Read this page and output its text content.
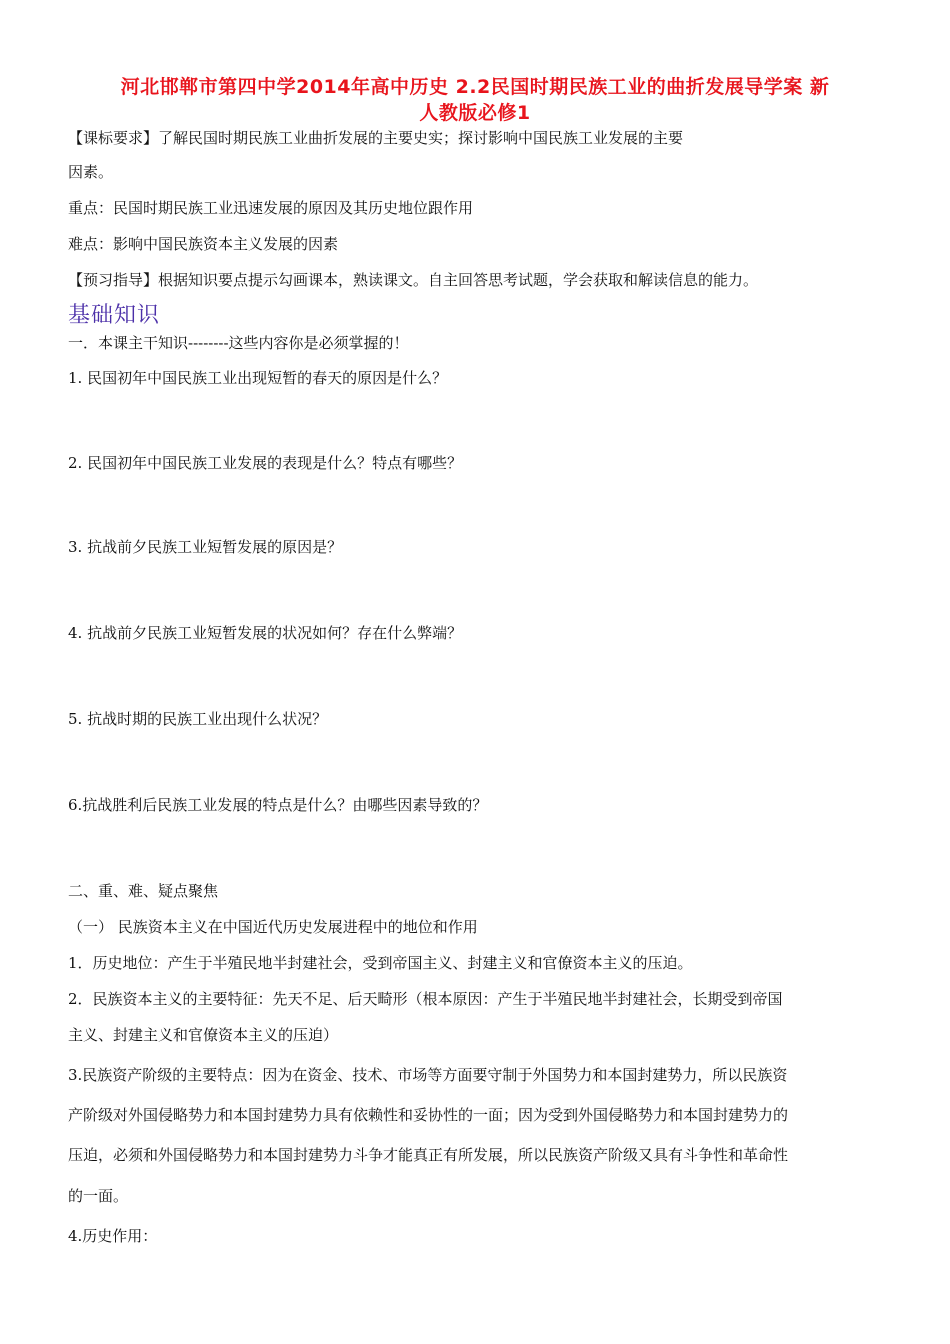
河北邯郸市第四中学2014年高中历史 2.2民国时期民族工业的曲折发展导学案 新
人教版必修1
【课标要求】了解民国时期民族工业曲折发展的主要史实；探讨影响中国民族工业发展的主要
因素。
重点：民国时期民族工业迅速发展的原因及其历史地位跟作用
难点：影响中国民族资本主义发展的因素
【预习指导】根据知识要点提示勾画课本，熟读课文。自主回答思考试题，学会获取和解读信息的能力。
基础知识
一．本课主干知识--------这些内容你是必须掌握的！
1. 民国初年中国民族工业出现短暂的春天的原因是什么？
2. 民国初年中国民族工业发展的表现是什么？特点有哪些？
3. 抗战前夕民族工业短暂发展的原因是？
4. 抗战前夕民族工业短暂发展的状况如何？存在什么弊端？
5. 抗战时期的民族工业出现什么状况？
6.抗战胜利后民族工业发展的特点是什么？由哪些因素导致的？
二、重、难、疑点聚焦
（一） 民族资本主义在中国近代历史发展进程中的地位和作用
1．历史地位：产生于半殖民地半封建社会，受到帝国主义、封建主义和官僚资本主义的压迫。
2．民族资本主义的主要特征：先天不足、后天畸形（根本原因：产生于半殖民地半封建社会，长期受到帝国
主义、封建主义和官僚资本主义的压迫）
3.民族资产阶级的主要特点：因为在资金、技术、市场等方面要守制于外国势力和本国封建势力，所以民族资
产阶级对外国侵略势力和本国封建势力具有依赖性和妥协性的一面；因为受到外国侵略势力和本国封建势力的
压迫，必须和外国侵略势力和本国封建势力斗争才能真正有所发展，所以民族资产阶级又具有斗争性和革命性
的一面。
4.历史作用：
